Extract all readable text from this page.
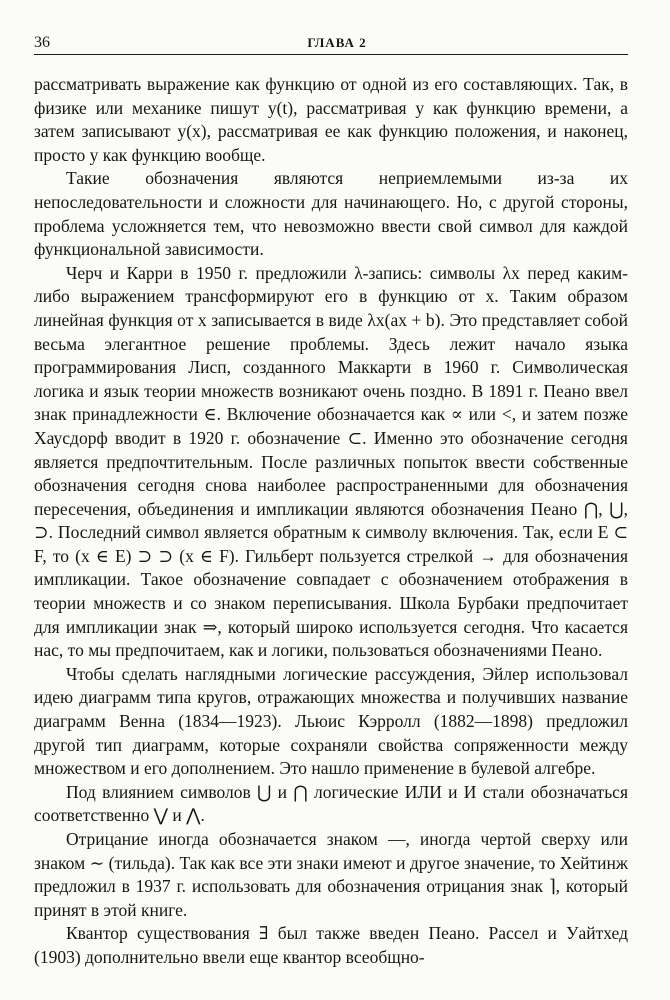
36	ГЛАВА 2

рассматривать выражение как функцию от одной из его составляющих. Так, в физике или механике пишут y(t), рассматривая y как функцию времени, а затем записывают y(x), рассматривая ее как функцию положения, и наконец, просто y как функцию вообще.

Такие обозначения являются неприемлемыми из-за их непоследовательности и сложности для начинающего. Но, с другой стороны, проблема усложняется тем, что невозможно ввести свой символ для каждой функциональной зависимости.

Черч и Карри в 1950 г. предложили λ-запись: символы λx перед каким-либо выражением трансформируют его в функцию от x. Таким образом линейная функция от x записывается в виде λx(ax + b). Это представляет собой весьма элегантное решение проблемы. Здесь лежит начало языка программирования Лисп, созданного Маккарти в 1960 г. Символическая логика и язык теории множеств возникают очень поздно. В 1891 г. Пеано ввел знак принадлежности ∈. Включение обозначается как ∝ или <, и затем позже Хаусдорф вводит в 1920 г. обозначение ⊂. Именно это обозначение сегодня является предпочтительным. После различных попыток ввести собственные обозначения сегодня снова наиболее распространенными для обозначения пересечения, объединения и импликации являются обозначения Пеано ⋂, ⋃, ⊃. Последний символ является обратным к символу включения. Так, если E ⊂ F, то (x ∈ E) ⊃ ⊃ (x ∈ F). Гильберт пользуется стрелкой → для обозначения импликации. Такое обозначение совпадает с обозначением отображения в теории множеств и со знаком переписывания. Школа Бурбаки предпочитает для импликации знак ⇒, который широко используется сегодня. Что касается нас, то мы предпочитаем, как и логики, пользоваться обозначениями Пеано.

Чтобы сделать наглядными логические рассуждения, Эйлер использовал идею диаграмм типа кругов, отражающих множества и получивших название диаграмм Венна (1834—1923). Льюис Кэрролл (1882—1898) предложил другой тип диаграмм, которые сохраняли свойства сопряженности между множеством и его дополнением. Это нашло применение в булевой алгебре.

Под влиянием символов ⋃ и ⋂ логические ИЛИ и И стали обозначаться соответственно ⋁ и ⋀.

Отрицание иногда обозначается знаком —, иногда чертой сверху или знаком ∼ (тильда). Так как все эти знаки имеют и другое значение, то Хейтинж предложил в 1937 г. использовать для обозначения отрицания знак ⌉, который принят в этой книге.

Квантор существования ∃ был также введен Пеано. Рассел и Уайтхед (1903) дополнительно ввели еще квантор всеобщно-
